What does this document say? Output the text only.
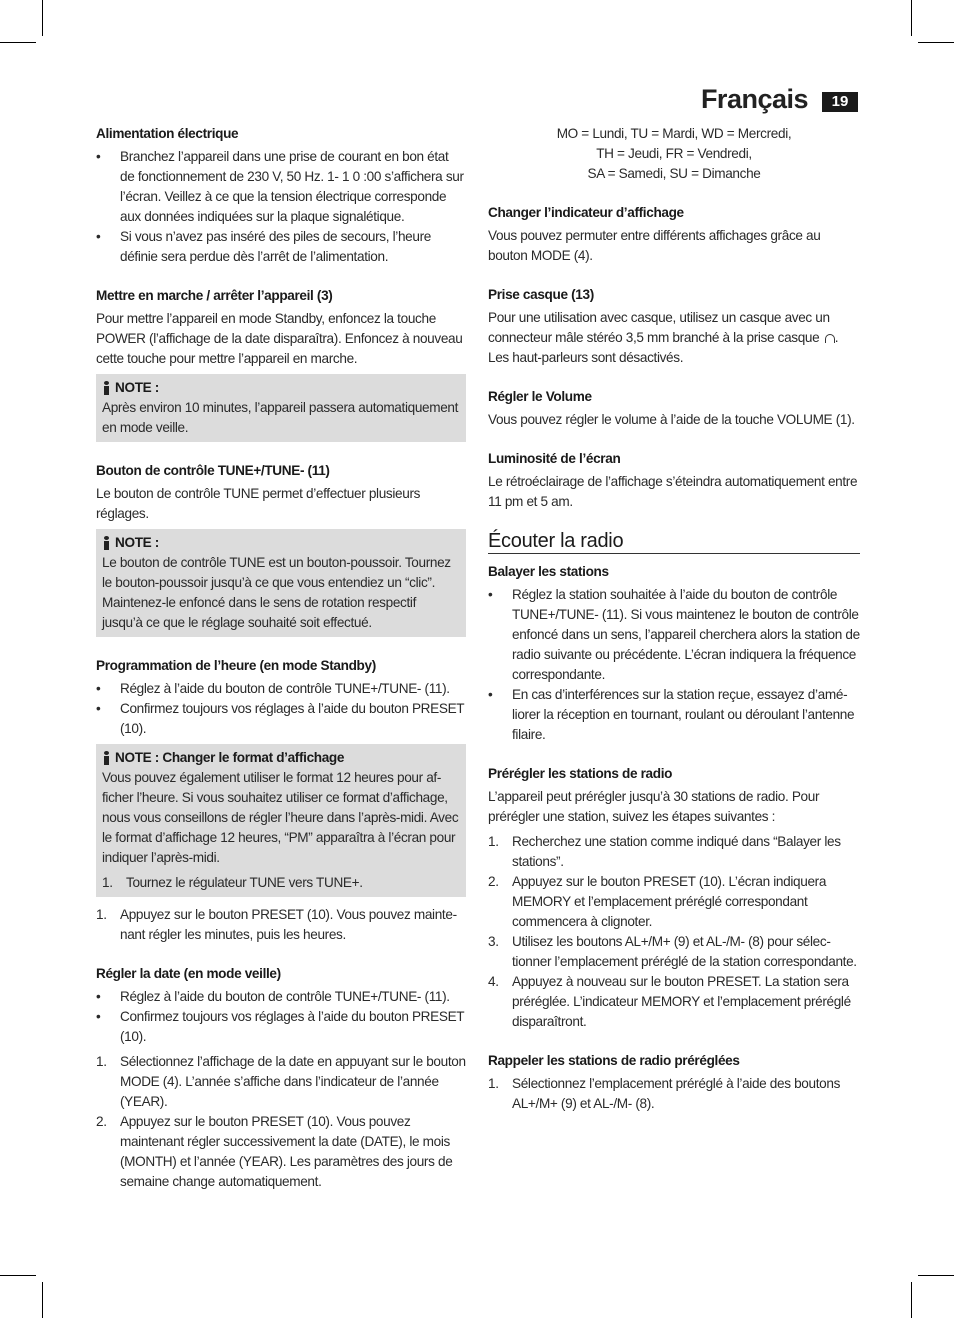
Français	19
Alimentation électrique
• Branchez l’appareil dans une prise de courant en bon état de fonctionnement de 230 V, 50 Hz. 1- 1 0 :00 s’affichera sur l’écran. Veillez à ce que la tension électrique corresponde aux données indiquées sur la plaque signalétique.
• Si vous n’avez pas inséré des piles de secours, l’heure définie sera perdue dès l’arrêt de l’alimentation.
Mettre en marche / arrêter l’appareil (3)

Pour mettre l’appareil en mode Standby, enfoncez la touche POWER (l’affichage de la date disparaîtra). Enfoncez à nouveau cette touche pour mettre l’appareil en marche.

NOTE :

Après environ 10 minutes, l’appareil passera automatiquement en mode veille.

Bouton de contrôle TUNE+/TUNE- (11)

Le bouton de contrôle TUNE permet d’effectuer plusieurs réglages.

NOTE :

Le bouton de contrôle TUNE est un bouton-poussoir. Tournez le bouton-poussoir jusqu’à ce que vous entendiez un “clic”. Maintenez-le enfoncé dans le sens de rotation respectif jusqu’à ce que le réglage souhaité soit effectué.

Programmation de l’heure (en mode Standby)
• Réglez à l’aide du bouton de contrôle TUNE+/TUNE- (11).
• Confirmez toujours vos réglages à l’aide du bouton PRESET (10).
NOTE : Changer le format d’affichage

Vous pouvez également utiliser le format 12 heures pour afficher l’heure. Si vous souhaitez utiliser ce format d’affichage, nous vous conseillons de régler l’heure dans l’après-midi. Avec le format d’affichage 12 heures, “PM” apparaîtra à l’écran pour indiquer l’après-midi.

1. Tournez le régulateur TUNE vers TUNE+.
1. Appuyez sur le bouton PRESET (10). Vous pouvez maintenant régler les minutes, puis les heures.
Régler la date (en mode veille)
• Réglez à l’aide du bouton de contrôle TUNE+/TUNE- (11).
• Confirmez toujours vos réglages à l’aide du bouton PRESET (10).
1. Sélectionnez l’affichage de la date en appuyant sur le bouton MODE (4). L’année s’affiche dans l’indicateur de l’année (YEAR).
2. Appuyez sur le bouton PRESET (10). Vous pouvez maintenant régler successivement la date (DATE), le mois (MONTH) et l’année (YEAR). Les paramètres des jours de semaine change automatiquement.

MO = Lundi, TU = Mardi, WD = Mercredi,

TH = Jeudi, FR = Vendredi,

SA = Samedi, SU = Dimanche

Changer l’indicateur d’affichage

Vous pouvez permuter entre différents affichages grâce au bouton MODE (4).

Prise casque (13)

Pour une utilisation avec casque, utilisez un casque avec un connecteur mâle stéréo 3,5 mm branché à la prise casque . Les haut-parleurs sont désactivés.

Régler le Volume

Vous pouvez régler le volume à l’aide de la touche VOLUME (1).

Luminosité de l’écran

Le rétroéclairage de l’affichage s’éteindra automatiquement entre 11 pm et 5 am.

Écouter la radio
Balayer les stations
• Réglez la station souhaitée à l’aide du bouton de contrôle TUNE+/TUNE- (11). Si vous maintenez le bouton de contrôle enfoncé dans un sens, l’appareil cherchera alors la station de radio suivante ou précédente. L’écran indiquera la fréquence correspondante.
• En cas d’interférences sur la station reçue, essayez d’améliorer la réception en tournant, roulant ou déroulant l’antenne filaire.
Prérégler les stations de radio

L’appareil peut prérégler jusqu’à 30 stations de radio. Pour prérégler une station, suivez les étapes suivantes :

1. Recherchez une station comme indiqué dans “Balayer les stations”.
2. Appuyez sur le bouton PRESET (10). L’écran indiquera MEMORY et l’emplacement préréglé correspondant commencera à clignoter.
3. Utilisez les boutons AL+/M+ (9) et AL-/M- (8) pour sélectionner l’emplacement préréglé de la station correspondante.
4. Appuyez à nouveau sur le bouton PRESET. La station sera préréglée. L’indicateur MEMORY et l’emplacement préréglé disparaîtront.
Rappeler les stations de radio préréglées
1. Sélectionnez l’emplacement préréglé à l’aide des boutons AL+/M+ (9) et AL-/M- (8).
